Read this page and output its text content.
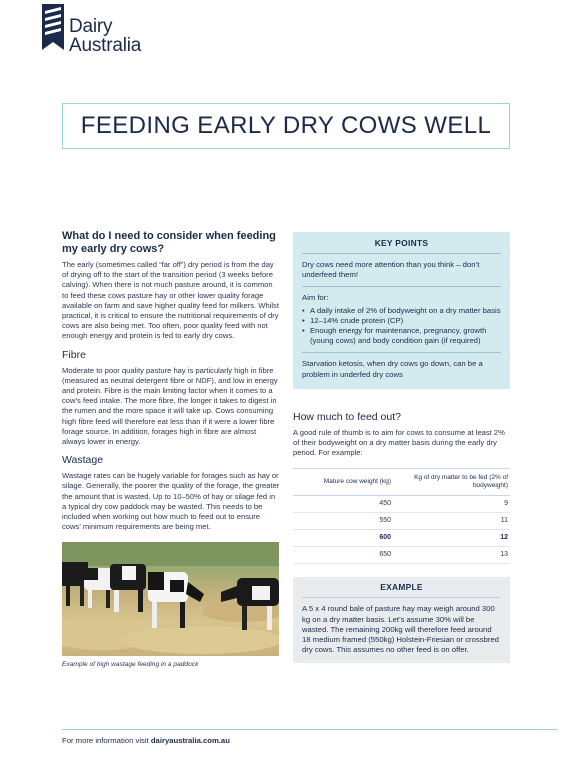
Dairy
Australia
FEEDING EARLY DRY COWS WELL
What do I need to consider when feeding my early dry cows?

The early (sometimes called “far off”) dry period is from the day of drying off to the start of the transition period (3 weeks before calving). When there is not much pasture around, it is common to feed these cows pasture hay or other lower quality forage available on farm and save higher quality feed for milkers. Whilst practical, it is critical to ensure the nutritional requirements of dry cows are also being met. Too often, poor quality feed with not enough energy and protein is fed to early dry cows.

Fibre

Moderate to poor quality pasture hay is particularly high in fibre (measured as neutral detergent fibre or NDF), and low in energy and protein. Fibre is the main limiting factor when it comes to a cow’s feed intake. The more fibre, the longer it takes to digest in the rumen and the more space it will take up. Cows consuming high fibre feed will therefore eat less than if it were a lower fibre forage source. In addition, forages high in fibre are almost always lower in energy.

Wastage

Wastage rates can be hugely variable for forages such as hay or silage. Generally, the poorer the quality of the forage, the greater the amount that is wasted. Up to 10–50% of hay or silage fed in a typical dry cow paddock may be wasted. This needs to be included when working out how much to feed out to ensure cows’ minimum requirements are being met.

Example of high wastage feeding in a paddock
KEY POINTS

Dry cows need more attention than you think – don’t underfeed them!

Aim for:

• A daily intake of 2% of bodyweight on a dry matter basis
• 12–14% crude protein (CP)
• Enough energy for maintenance, pregnancy, growth (young cows) and body condition gain (if required)

Starvation ketosis, when dry cows go down, can be a problem in underfed dry cows

How much to feed out?

A good rule of thumb is to aim for cows to consume at least 2% of their bodyweight on a dry matter basis during the early dry period. For example:

Mature cow weight (kg)	Kg of dry matter to be fed (2% of bodyweight)
450	9
550	11
600	12
650	13
EXAMPLE

A 5 x 4 round bale of pasture hay may weigh around 300 kg on a dry matter basis. Let’s assume 30% will be wasted. The remaining 200kg will therefore feed around 18 medium framed (550kg) Holstein-Friesian or crossbred dry cows. This assumes no other feed is on offer.

For more information visit dairyaustralia.com.au
